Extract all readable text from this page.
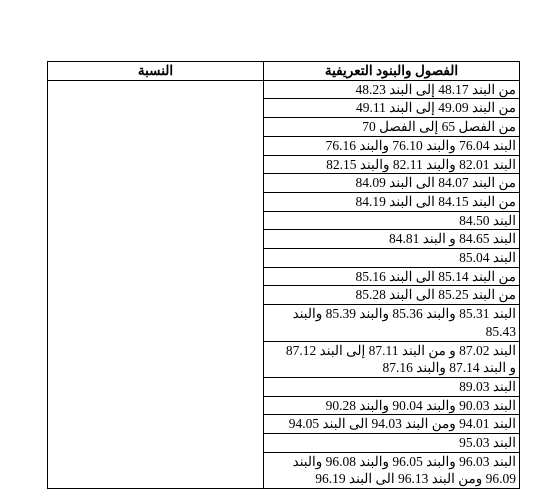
الفصول والبنود التعريفية	النسبة

من البند 48.17 إلى البند 48.23	

من البند 49.09 إلى البند 49.11	

من الفصل 65 إلى الفصل 70	

البند 76.04 والبند 76.10 والبند 76.16	

البند 82.01 والبند 82.11 والبند 82.15	

من البند 84.07 الى البند 84.09	

من البند 84.15 الى البند 84.19	

البند 84.50	

البند 84.65 و البند 84.81	

البند 85.04	

من البند 85.14 الى البند 85.16	

من البند 85.25 الى البند 85.28	

البند 85.31 والبند 85.36 والبند 85.39 والبند
85.43	

البند 87.02 و من البند 87.11 إلى البند 87.12
و البند 87.14 والبند 87.16	

البند 89.03	

البند 90.03 والبند 90.04 والبند 90.28	

البند 94.01 ومن البند 94.03 الى البند 94.05	

البند 95.03	

البند 96.03 والبند 96.05 والبند 96.08 والبند
96.09 ومن البند 96.13 الى البند 96.19	
